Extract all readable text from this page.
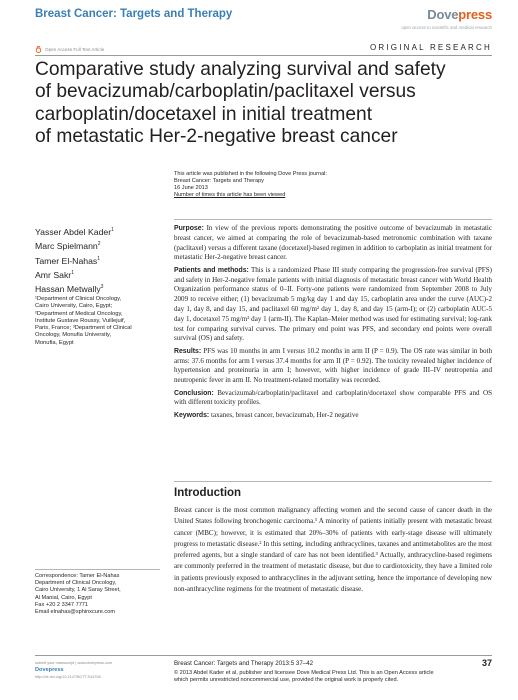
Breast Cancer: Targets and Therapy	Dovepress
open access to scientific and medical research
Open Access Full Text Article	ORIGINAL RESEARCH
Comparative study analyzing survival and safety
of bevacizumab/carboplatin/paclitaxel versus
carboplatin/docetaxel in initial treatment
of metastatic Her-2-negative breast cancer
This article was published in the following Dove Press journal:
Breast Cancer: Targets and Therapy
16 June 2013
Number of times this article has been viewed
Yasser Abdel Kader$^1$
Marc Spielmann$^2$
Tamer El-Nahas$^1$
Amr Sakr$^1$
Hassan Metwally$^3$
¹Department of Clinical Oncology,
Cairo University, Cairo, Egypt;
²Department of Medical Oncology,
Institute Gustave Roussy, Vuillejuif,
Paris, France; ³Department of Clinical
Oncology, Monufia University,
Monufia, Egypt

Purpose: In view of the previous reports demonstrating the positive outcome of bevacizumab in metastatic breast cancer, we aimed at comparing the role of bevacizumab-based metronomic combination with taxane (paclitaxel) versus a different taxane (docetaxel)-based regimen in addition to carboplatin as initial treatment for metastatic Her-2-negative breast cancer.

Patients and methods: This is a randomized Phase III study comparing the progression-free survival (PFS) and safety in Her-2-negative female patients with initial diagnosis of metastatic breast cancer with World Health Organization performance status of 0–II. Forty-one patients were randomized from September 2008 to July 2009 to receive either; (1) bevacizumab 5 mg/kg day 1 and day 15, carboplatin area under the curve (AUC)-2 day 1, day 8, and day 15, and paclitaxel 60 mg/m² day 1, day 8, and day 15 (arm-I); or (2) carboplatin AUC-5 day 1, docetaxel 75 mg/m² day 1 (arm-II). The Kaplan–Meier method was used for estimating survival; log-rank test for comparing survival curves. The primary end point was PFS, and secondary end points were overall survival (OS) and safety.

Results: PFS was 10 months in arm I versus 10.2 months in arm II (P = 0.9). The OS rate was similar in both arms: 37.6 months for arm I versus 37.4 months for arm II (P = 0.92). The toxicity revealed higher incidence of hypertension and proteinuria in arm I; however, with higher incidence of grade III–IV neutropenia and neutropenic fever in arm II. No treatment-related mortality was recorded.

Conclusion: Bevacizumab/carboplatin/paclitaxel and carboplatin/docetaxel show comparable PFS and OS with different toxicity profiles.

Keywords: taxanes, breast cancer, bevacizumab, Her-2 negative

Introduction

Breast cancer is the most common malignancy affecting women and the second cause of cancer death in the United States following bronchogenic carcinoma.¹ A minority of patients initially present with metastatic breast cancer (MBC); however, it is estimated that 20%–30% of patients with early-stage disease will ultimately progress to metastatic disease.² In this setting, including anthracyclines, taxanes and antimetabolites are the most preferred agents, but a single standard of care has not been identified.³ Actually, anthracycline-based regimens are commonly preferred in the treatment of metastatic disease, but due to cardiotoxicity, they have a limited role in patients previously exposed to anthracyclines in the adjuvant setting, hence the importance of developing new non-anthracycline regimens for the treatment of metastatic disease.

Correspondence: Tamer El-Nahas
Department of Clinical Oncology,
Cairo University, 1 Al Saray Street,
Al Manial, Cairo, Egypt
Fax +20 2 3347 7771
Email elnahas@sphinxcure.com
submit your manuscript | www.dovepress.com
Dovepress
http://dx.doi.org/10.2147/BCTT.S44708
Breast Cancer: Targets and Therapy 2013:5 37–42	37
© 2013 Abdel Kader et al, publisher and licensee Dove Medical Press Ltd. This is an Open Access article
which permits unrestricted noncommercial use, provided the original work is properly cited.
